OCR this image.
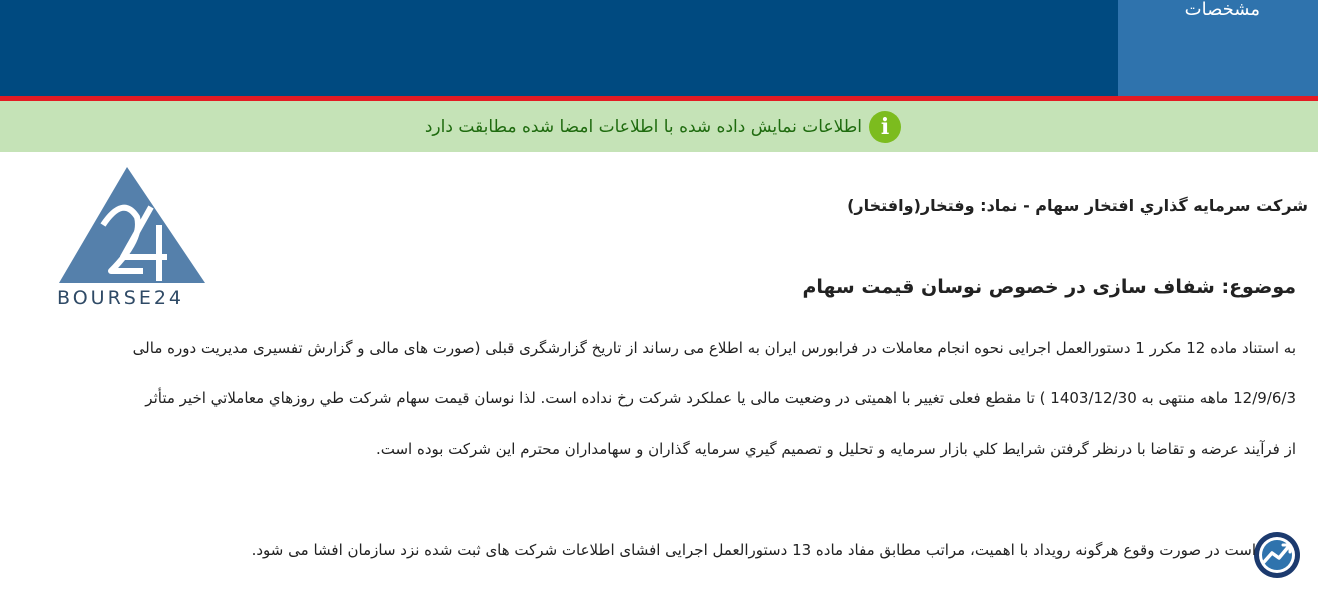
مشخصات
i
اطلاعات نمایش داده شده با اطلاعات امضا شده مطابقت دارد
BOURSE24
شركت سرمايه گذاري افتخار سهام - نماد: وفتخار(وافتخار)
موضوع: شفاف سازی در خصوص نوسان قیمت سهام
به استناد ماده 12 مکرر 1 دستورالعمل اجرایی نحوه انجام معاملات در فرابورس ایران به اطلاع می رساند از تاریخ گزارشگری قبلی (صورت های مالی و گزارش تفسیری مدیریت دوره مالی
12/9/6/3 ماهه منتهی به 1403/12/30 ) تا مقطع فعلی تغییر با اهمیتی در وضعیت مالی یا عملکرد شرکت رخ نداده است. لذا نوسان قیمت سهام شركت طي روزهاي معاملاتي اخير متأثر
از فرآيند عرضه و تقاضا با درنظر گرفتن شرايط كلي بازار سرمايه و تحليل و تصميم گيري سرمايه گذاران و سهامداران محترم اين شركت بوده است.
است در صورت وقوع هرگونه رویداد با اهمیت، مراتب مطابق مفاد ماده 13 دستورالعمل اجرایی افشای اطلاعات شرکت های ثبت شده نزد سازمان افشا می شود.
